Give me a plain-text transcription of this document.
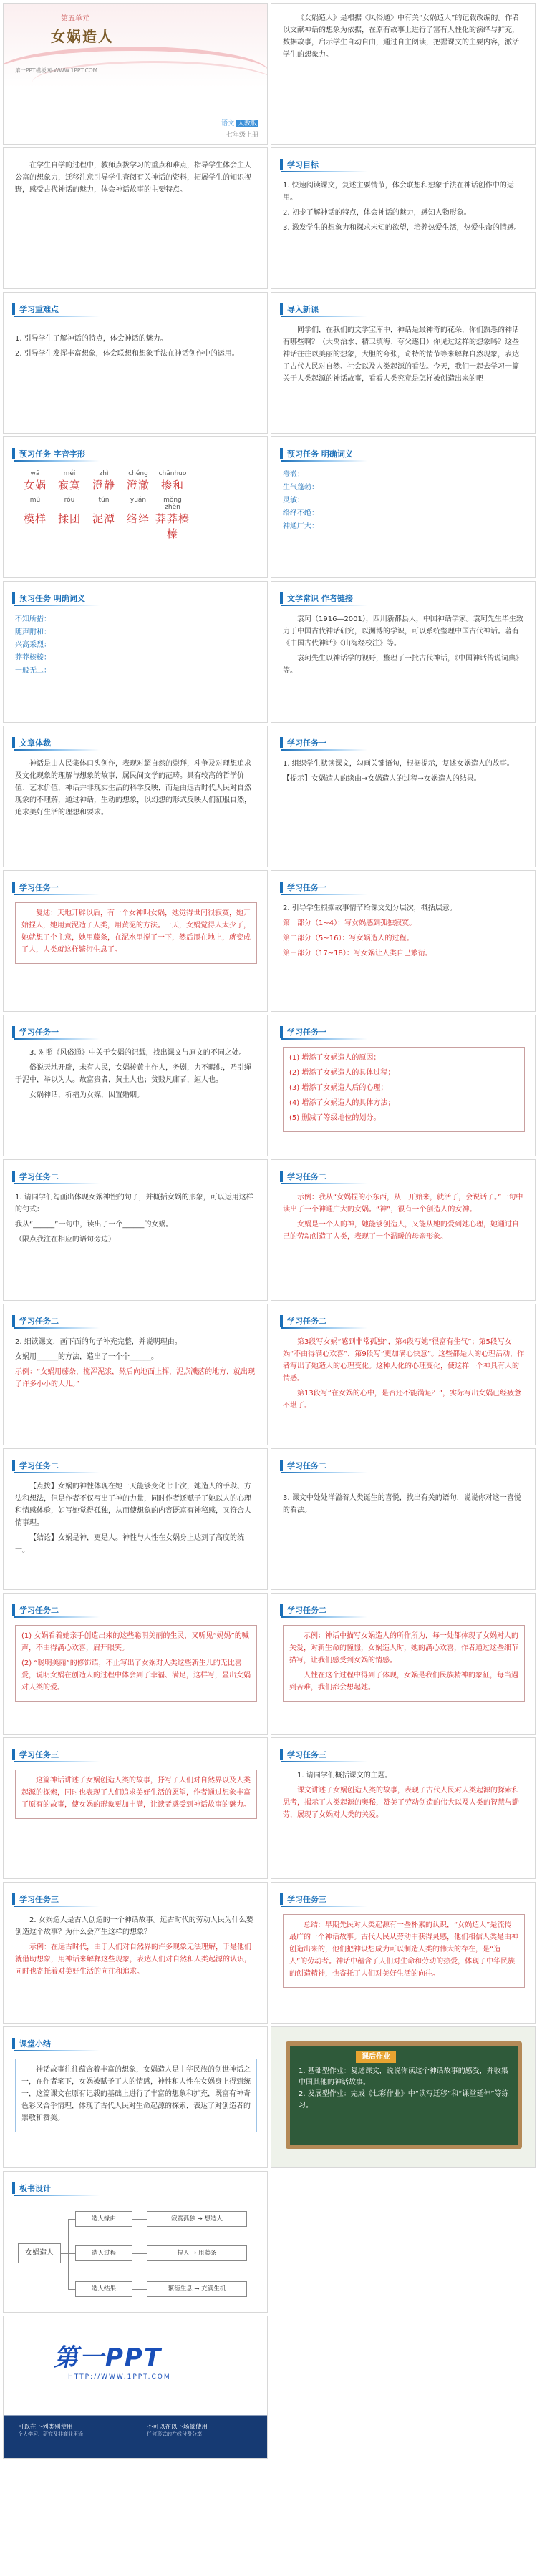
第五单元
女娲造人
第一PPT模板网-WWW.1PPT.COM
语文 人教版
七年级上册

《女娲造人》是根据《风俗通》中有关“女娲造人”的记载改编的。作者以文献神话的想象为依据，在原有故事上进行了富有人性化的演绎与扩充，数据故事，启示学生自动自由，通过自主阅读，把握课文的主要内容，激活学生的想象力。

在学生自学的过程中，教师点拨学习的重点和难点，指导学生体会主人公富的想象力，迁移注意引导学生查阅有关神话的资料，拓展学生的知识视野，感受古代神话的魅力，体会神话故事的主要特点。

学习目标

1. 快速阅读课文，复述主要情节，体会联想和想象手法在神话创作中的运用。

2. 初步了解神话的特点，体会神话的魅力，感知人物形象。

3. 激发学生的想象力和探求未知的欲望，培养热爱生活，热爱生命的情感。

学习重难点

1. 引导学生了解神话的特点，体会神话的魅力。

2. 引导学生发挥丰富想象，体会联想和想象手法在神话创作中的运用。

导入新课

同学们，在我们的文学宝库中，神话是最神奇的花朵，你们熟悉的神话有哪些啊？（大禹治水、精卫填海、夸父逐日）你见过这样的想象吗？这些神话往往以美丽的想象，大胆的夸张，奇特的情节等来解释自然现象，表达了古代人民对自然、社会以及人类起源的看法。今天，我们一起去学习一篇关于人类起源的神话故事，看看人类究竟是怎样被创造出来的吧！

预习任务 字音字形
wā	méi	zhì	chéng	chānhuo
女娲	寂寞	澄静	澄澈	掺和
mú	róu	tǔn	yuán	mǒng zhèn
模样	揉团	泥潭	络绎 莽莽榛榛
预习任务 明确词义
澄澈：
生气蓬勃：
灵敏：
络绎不绝：
神通广大：
预习任务 明确词义
不知所措：
随声附和：
兴高采烈：
莽莽榛榛：
一般无二：
文学常识 作者链接

袁珂（1916—2001），四川新都县人，中国神话学家。袁珂先生毕生致力于中国古代神话研究，以渊博的学识，可以系统整理中国古代神话。著有《中国古代神话》《山海经校注》等。

袁珂先生以神话学的视野，整理了一批古代神话，《中国神话传说词典》等。

文章体裁

神话是由人民集体口头创作，表现对超自然的崇拜，斗争及对理想追求及文化现象的理解与想象的故事，属民间文学的范畴。具有较高的哲学价值、艺术价值，神话并非现实生活的科学反映，而是由远古时代人民对自然现象的不理解，通过神话，生动的想象，以幻想的形式反映人们征服自然，追求美好生活的理想和要求。

学习任务一

1. 组织学生默读课文，勾画关键语句，根据提示，复述女娲造人的故事。

【提示】女娲造人的缘由→女娲造人的过程→女娲造人的结果。

学习任务一

复述：天地开辟以后，有一个女神叫女娲，她觉得世间很寂寞，她开始捏人，她用黄泥造了人类，用黄泥的方法。一天，女娲觉得人太少了，她就想了个主意，她用藤条，在泥水里搅了一下，然后甩在地上，就变成了人，人类就这样繁衍生息了。

学习任务一

2. 引导学生根据故事情节给课文划分层次，概括层意。

第一部分（1~4）：写女娲感到孤独寂寞。

第二部分（5~16）：写女娲造人的过程。

第三部分（17~18）：写女娲让人类自己繁衍。

学习任务一

3. 对照《风俗通》中关于女娲的记载，找出课文与原文的不同之处。

俗说天地开辟，未有人民，女娲抟黄土作人，务剧，力不暇供，乃引绳于泥中，举以为人。故富贵者，黄土人也；贫贱凡庸者，絙人也。

女娲神话，祈福为女媒，因置婚姻。

学习任务一

(1) 增添了女娲造人的原因；

(2) 增添了女娲造人的具体过程；

(3) 增添了女娲造人后的心理；

(4) 增添了女娲造人的具体方法；

(5) 删减了等级地位的划分。

学习任务二

1. 请同学们勾画出体现女娲神性的句子，并概括女娲的形象，可以运用这样的句式：

我从“______”一句中，读出了一个______的女娲。

（限点我注在相应的语句旁边）

学习任务二

示例：我从“女娲捏的小东西，从一开始来，就活了，会说话了。”一句中读出了一个神通广大的女娲。“神”，很有一个创造人的女神。

女娲是一个人的神，她能够创造人，又能从她的爱到她心理，她通过自己的劳动创造了人类，表现了一个温暖的母亲形象。

学习任务二

2. 细读课文，画下面的句子补充完整，并说明理由。

女娲用______的方法，造出了一个个______。

示例：“女娲用藤条，搅浑泥浆，然后向地面上挥，泥点溅落的地方，就出现了许多小小的人儿。”

学习任务二

第3段写女娲“感到非常孤独”，第4段写她“很富有生气”；第5段写女娲“不由得满心欢喜”，第9段写“更加满心快意”。这些都是人的心理活动，作者写出了她造人的心理变化。这种人化的心理变化，使这样一个神具有人的情感。

第13段写“在女娲的心中，是否还不能满足？”，实际写出女娲已经疲惫不堪了。

学习任务二

【点拨】女娲的神性体现在她一天能够变化七十次，她造人的手段、方法和想法，但是作者不仅写出了神的力量，同时作者还赋予了她以人的心理和情感体验，如写她觉得孤独，从而使想象的内容既富有神秘感，又符合人情事理。

【结论】女娲是神，更是人。神性与人性在女娲身上达到了高度的统一。

学习任务二

3. 课文中处处洋溢着人类诞生的喜悦，找出有关的语句，说说你对这一喜悦的看法。

学习任务二

(1) 女娲看着她亲手创造出来的这些聪明美丽的生灵，又听见“妈妈”的喊声，不由得满心欢喜，眉开眼笑。

(2) “聪明美丽”的修饰语，不止写出了女娲对人类这些新生儿的无比喜爱，说明女娲在创造人的过程中体会到了幸福、满足，这样写，显出女娲对人类的爱。

学习任务二

示例：神话中描写女娲造人的所作所为，每一处都体现了女娲对人的关爱，对新生命的憧憬，女娲造人时，她的满心欢喜，作者通过这些细节描写，让我们感受到女娲的情感。

人性在这个过程中得到了体现，女娲是我们民族精神的象征，每当遇到苦难，我们都会想起她。

学习任务三

这篇神话讲述了女娲创造人类的故事，抒写了人们对自然界以及人类起源的探索，同时也表现了人们追求美好生活的愿望，作者通过想象丰富了原有的故事，使女娲的形象更加丰满，让读者感受到神话故事的魅力。

学习任务三

1. 请同学们概括课文的主题。

课文讲述了女娲创造人类的故事，表现了古代人民对人类起源的探索和思考，揭示了人类起源的奥秘，赞美了劳动创造的伟大以及人类的智慧与勤劳，展现了女娲对人类的关爱。

学习任务三

2. 女娲造人是古人创造的一个神话故事。远古时代的劳动人民为什么要创造这个故事？为什么会产生这样的想象？

示例：在远古时代，由于人们对自然界的许多现象无法理解，于是他们就借助想象，用神话来解释这些现象，表达人们对自然和人类起源的认识，同时也寄托着对美好生活的向往和追求。

学习任务三

总结：早期先民对人类起源有一些朴素的认识，“女娲造人”是流传最广的一个神话故事。古代人民从劳动中获得灵感，他们相信人类是由神创造出来的，他们把神设想成为可以制造人类的伟大的存在，是“造人”的劳动者。神话中蕴含了人们对生命和劳动的热爱，体现了中华民族的创造精神，也寄托了人们对美好生活的向往。

课堂小结

神话故事往往蕴含着丰富的想象，女娲造人是中华民族的创世神话之一，在作者笔下，女娲被赋予了人的情感，神性和人性在女娲身上得到统一，这篇课文在原有记载的基础上进行了丰富的想象和扩充，既富有神奇色彩又合乎情理，体现了古代人民对生命起源的探索，表达了对创造者的崇敬和赞美。

课后作业
1. 基础型作业：复述课文，说说你读这个神话故事的感受，并收集中国其他的神话故事。
2. 发展型作业：完成《七彩作业》中“读写迁移”和“课堂延伸”等练习。
板书设计
女娲造人
造人缘由
造人过程
造人结果
寂寞孤独 → 想造人
捏人 → 甩藤条
繁衍生息 → 充满生机
第一PPT
HTTP://WWW.1PPT.COM
可以在下列类别使用
个人学习、研究及非商业用途
不可以在以下场景使用
任何形式的在线付费分享
